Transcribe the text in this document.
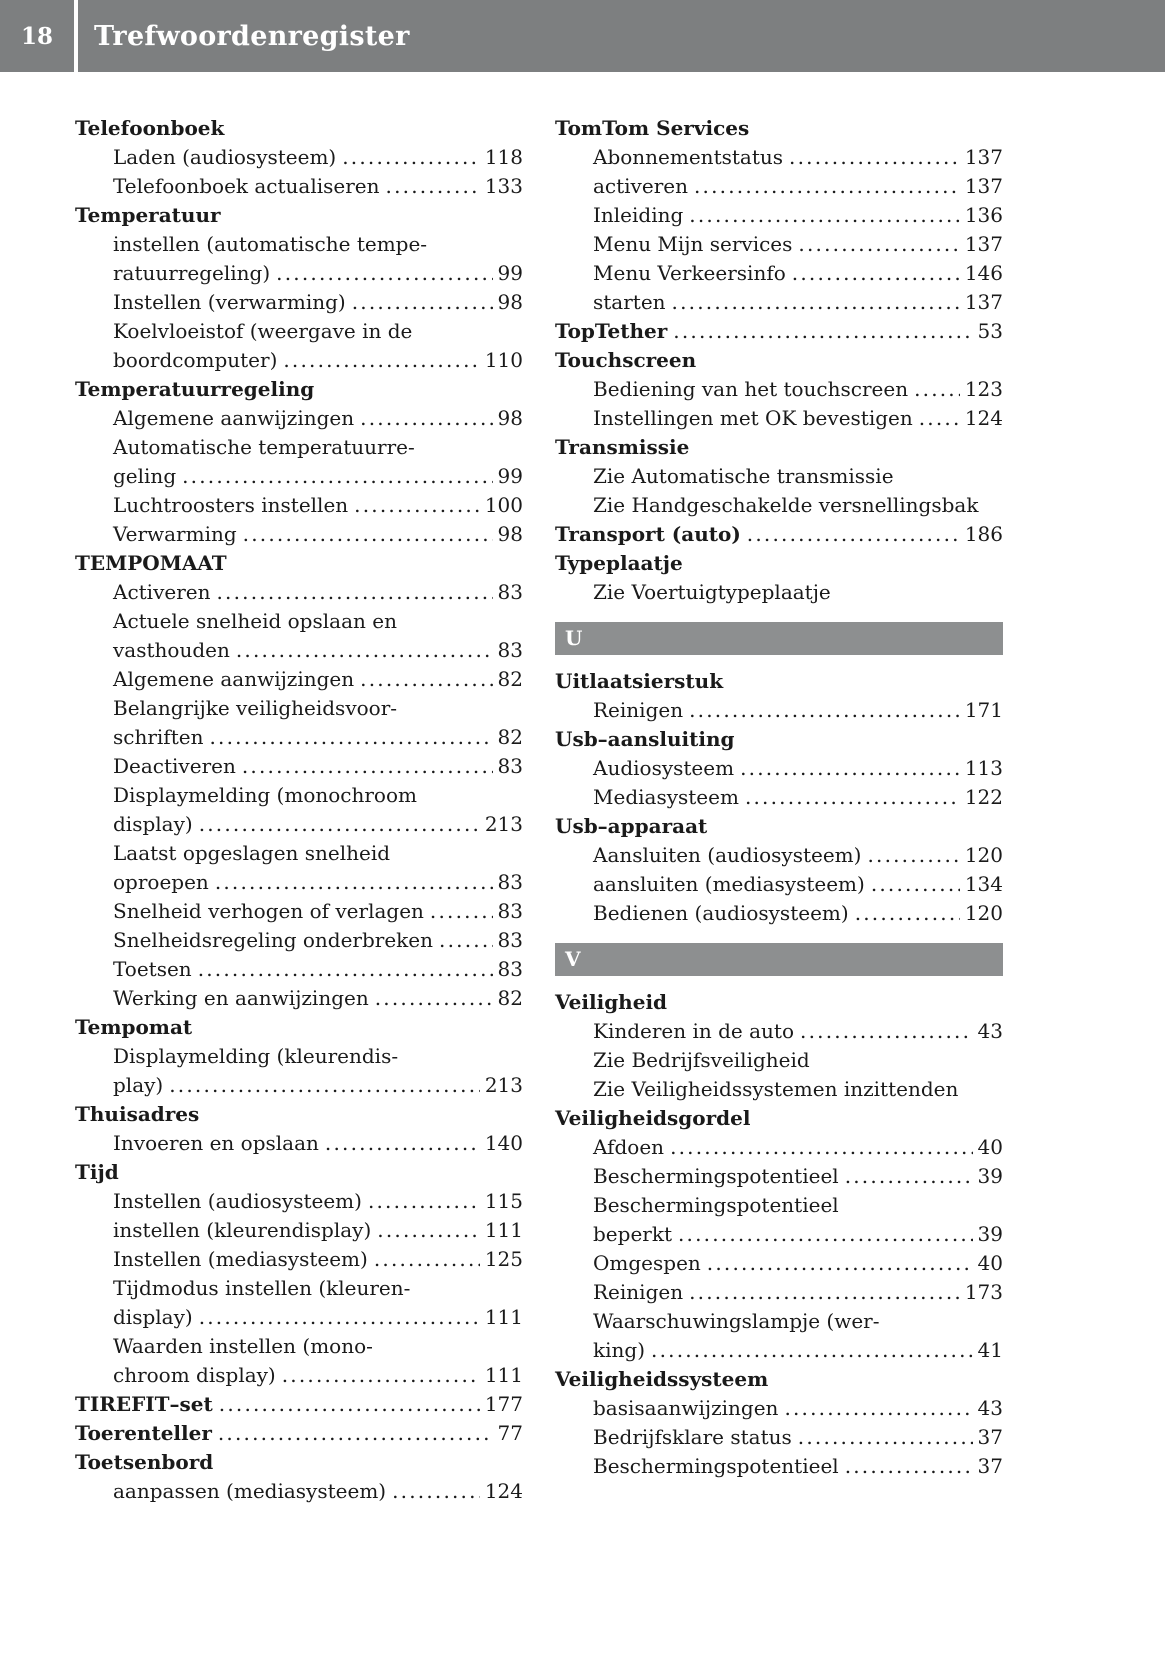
18	Trefwoordenregister
Telefoonboek
Laden (audiosysteem) .....	118
Telefoonboek actualiseren .....	133
Temperatuur
instellen (automatische tempe-
ratuurregeling) .....	99
Instellen (verwarming) .....	98
Koelvloeistof (weergave in de
boordcomputer) .....	110
Temperatuurregeling
Algemene aanwijzingen .....	98
Automatische temperatuurre-
geling .....	99
Luchtroosters instellen .....	100
Verwarming .....	98
TEMPOMAAT
Activeren .....	83
Actuele snelheid opslaan en
vasthouden .....	83
Algemene aanwijzingen .....	82
Belangrijke veiligheidsvoor-
schriften .....	82
Deactiveren .....	83
Displaymelding (monochroom
display) .....	213
Laatst opgeslagen snelheid
oproepen .....	83
Snelheid verhogen of verlagen .....	83
Snelheidsregeling onderbreken .....	83
Toetsen .....	83
Werking en aanwijzingen .....	82
Tempomat
Displaymelding (kleurendis-
play) .....	213
Thuisadres
Invoeren en opslaan .....	140
Tijd
Instellen (audiosysteem) .....	115
instellen (kleurendisplay) .....	111
Instellen (mediasysteem) .....	125
Tijdmodus instellen (kleuren-
display) .....	111
Waarden instellen (mono-
chroom display) .....	111
TIREFIT–set .....	177
Toerenteller .....	77
Toetsenbord
aanpassen (mediasysteem) .....	124
TomTom Services
Abonnementstatus .....	137
activeren .....	137
Inleiding .....	136
Menu Mijn services .....	137
Menu Verkeersinfo .....	146
starten .....	137
TopTether .....	53
Touchscreen
Bediening van het touchscreen .....	123
Instellingen met OK bevestigen .....	124
Transmissie
Zie Automatische transmissie
Zie Handgeschakelde versnellingsbak
Transport (auto) .....	186
Typeplaatje
Zie Voertuigtypeplaatje
U
Uitlaatsierstuk
Reinigen .....	171
Usb–aansluiting
Audiosysteem .....	113
Mediasysteem .....	122
Usb–apparaat
Aansluiten (audiosysteem) .....	120
aansluiten (mediasysteem) .....	134
Bedienen (audiosysteem) .....	120
V
Veiligheid
Kinderen in de auto .....	43
Zie Bedrijfsveiligheid
Zie Veiligheidssystemen inzittenden
Veiligheidsgordel
Afdoen .....	40
Beschermingspotentieel .....	39
Beschermingspotentieel
beperkt .....	39
Omgespen .....	40
Reinigen .....	173
Waarschuwingslampje (wer-
king) .....	41
Veiligheidssysteem
basisaanwijzingen .....	43
Bedrijfsklare status .....	37
Beschermingspotentieel .....	37
